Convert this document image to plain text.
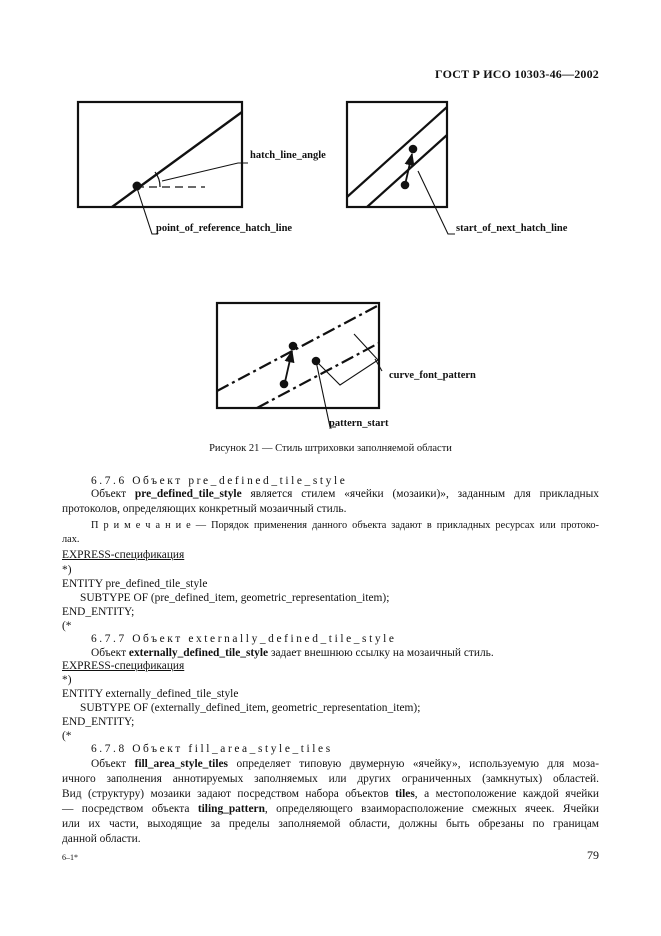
ГОСТ Р ИСО 10303-46—2002
hatch_line_angle
point_of_reference_hatch_line	start_of_next_hatch_line
curve_font_pattern
pattern_start
Рисунок 21 — Стиль штриховки заполняемой области
6.7.6 Объект pre_defined_tile_style
Объект pre_defined_tile_style является стилем «ячейки (мозаики)», заданным для прикладных
протоколов, определяющих конкретный мозаичный стиль.
П р и м е ч а н и е — Порядок применения данного объекта задают в прикладных ресурсах или протоко-
лах.
EXPRESS-спецификация
*)
ENTITY pre_defined_tile_style
SUBTYPE OF (pre_defined_item, geometric_representation_item);
END_ENTITY;
(*
6.7.7 Объект externally_defined_tile_style
Объект externally_defined_tile_style задает внешнюю ссылку на мозаичный стиль.
EXPRESS-спецификация
*)
ENTITY externally_defined_tile_style
SUBTYPE OF (externally_defined_item, geometric_representation_item);
END_ENTITY;
(*
6.7.8 Объект fill_area_style_tiles
Объект fill_area_style_tiles определяет типовую двумерную «ячейку», используемую для моза-
ичного заполнения аннотируемых заполняемых или других ограниченных (замкнутых) областей.
Вид (структуру) мозаики задают посредством набора объектов tiles, а местоположение каждой ячейки
— посредством объекта tiling_pattern, определяющего взаиморасположение смежных ячеек. Ячейки
или их части, выходящие за пределы заполняемой области, должны быть обрезаны по границам
данной области.
6–1*	79
